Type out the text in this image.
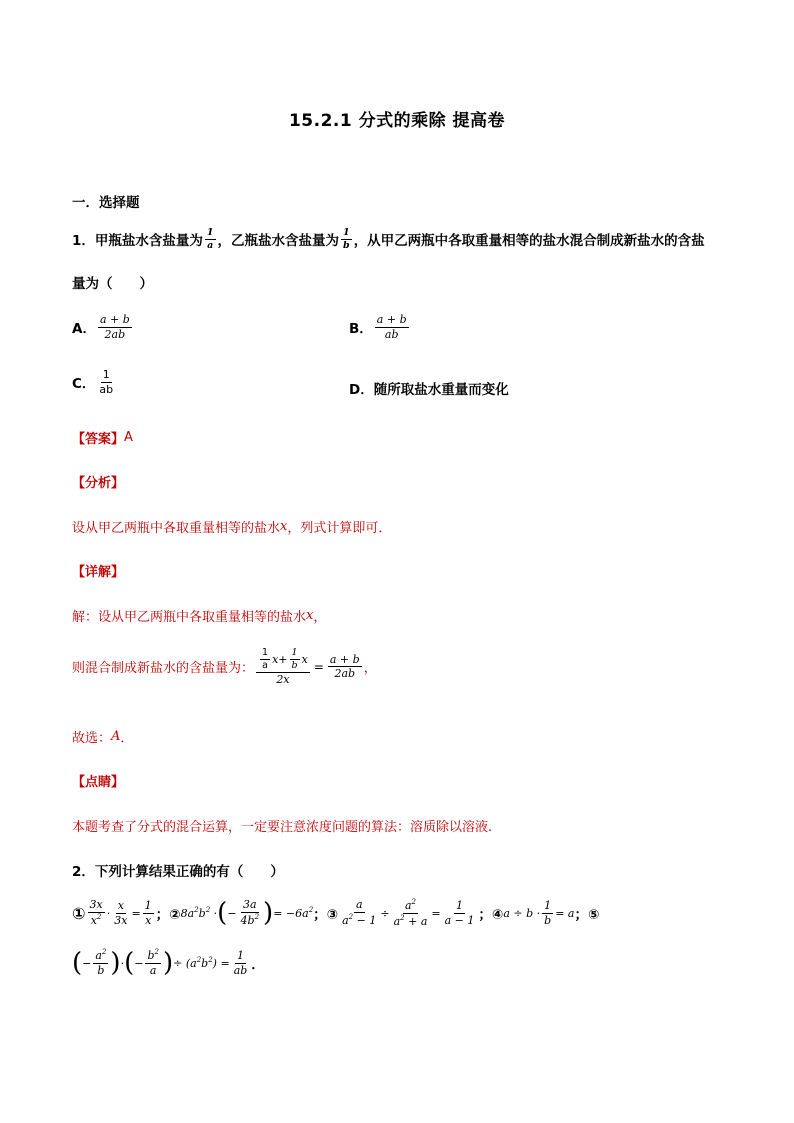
15.2.1 分式的乘除 提高卷
一．选择题
1．甲瓶盐水含盐量为 $\frac{1}{a}$ ，乙瓶盐水含盐量为 $\frac{1}{b}$ ，从甲乙两瓶中各取重量相等的盐水混合制成新盐水的含盐
量为（　　）
A． $\frac{a + b}{2ab}$	B． $\frac{a + b}{ab}$
C． $\frac{1}{ab}$	D． 随所取盐水重量而变化
【答案】 A
【分析】
设从甲乙两瓶中各取重量相等的盐水 x ，列式计算即可．
【详解】
解：设从甲乙两瓶中各取重量相等的盐水 x ，
则混合制成新盐水的含盐量为： $\frac{\frac{1}{a} x + \frac{1}{b} x}{2x} = \frac{a + b}{2ab}$ ，
故选： A ．
【点睛】
本题考查了分式的混合运算，一定要注意浓度问题的算法：溶质除以溶液.
2．下列计算结果正确的有（　　）
① $\frac{3x}{x^2} \cdot \frac{x}{3x} = \frac{1}{x}$ ；② $8a^2b^2$ · ( − $\frac{3a}{4b^2}$ ) = $-6a^2$ ；③ $\frac{a}{a^2 - 1} \div \frac{a^2}{a^2 + a} = \frac{1}{a - 1}$ ；④ $a \div b \cdot \frac{1}{b} = a$ ；⑤
( − $\frac{a^2}{b}$ ) · ( − $\frac{b^2}{a}$ ) ÷ $(a^2b^2) = \frac{1}{ab}$ ．
